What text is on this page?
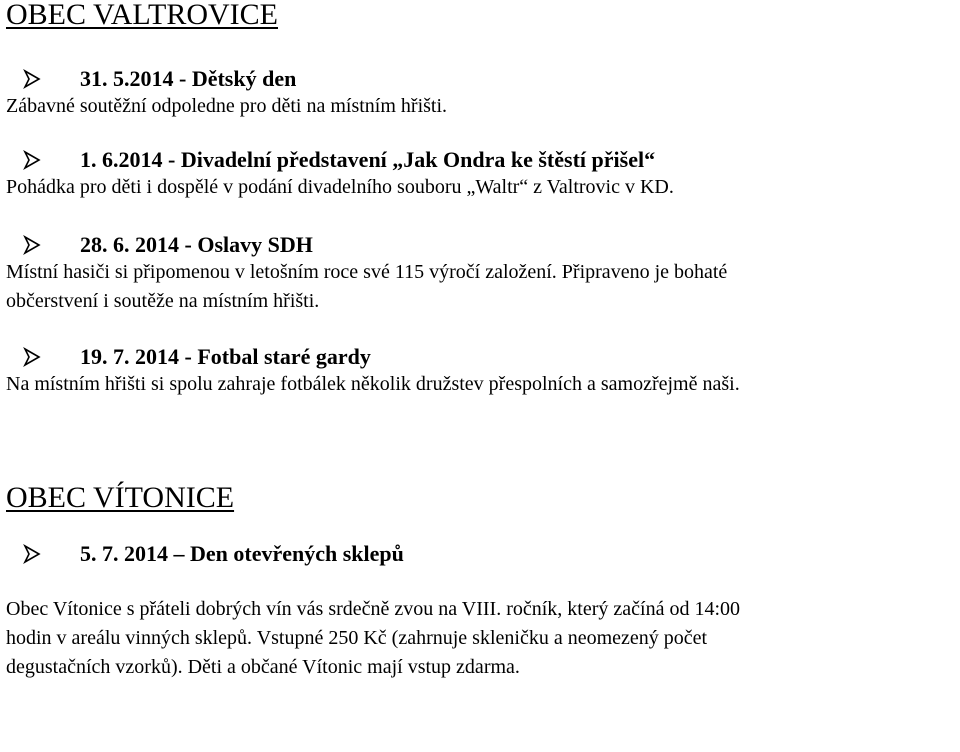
OBEC VALTROVICE
31. 5.2014 - Dětský den
Zábavné soutěžní odpoledne pro děti na místním hřišti.
1. 6.2014 - Divadelní představení „Jak Ondra ke štěstí přišel“
Pohádka pro děti i dospělé v podání divadelního souboru „Waltr“ z Valtrovic v KD.
28. 6. 2014 - Oslavy SDH
Místní hasiči si připomenou v letošním roce své 115 výročí založení. Připraveno je bohaté
občerstvení i soutěže na místním hřišti.
19. 7. 2014 - Fotbal staré gardy
Na místním hřišti si spolu zahraje fotbálek několik družstev přespolních a samozřejmě naši.
OBEC VÍTONICE
5. 7. 2014 – Den otevřených sklepů
Obec Vítonice s přáteli dobrých vín vás srdečně zvou na VIII. ročník, který začíná od 14:00
hodin v areálu vinných sklepů. Vstupné 250 Kč (zahrnuje skleničku a neomezený počet
degustačních vzorků). Děti a občané Vítonic mají vstup zdarma.
